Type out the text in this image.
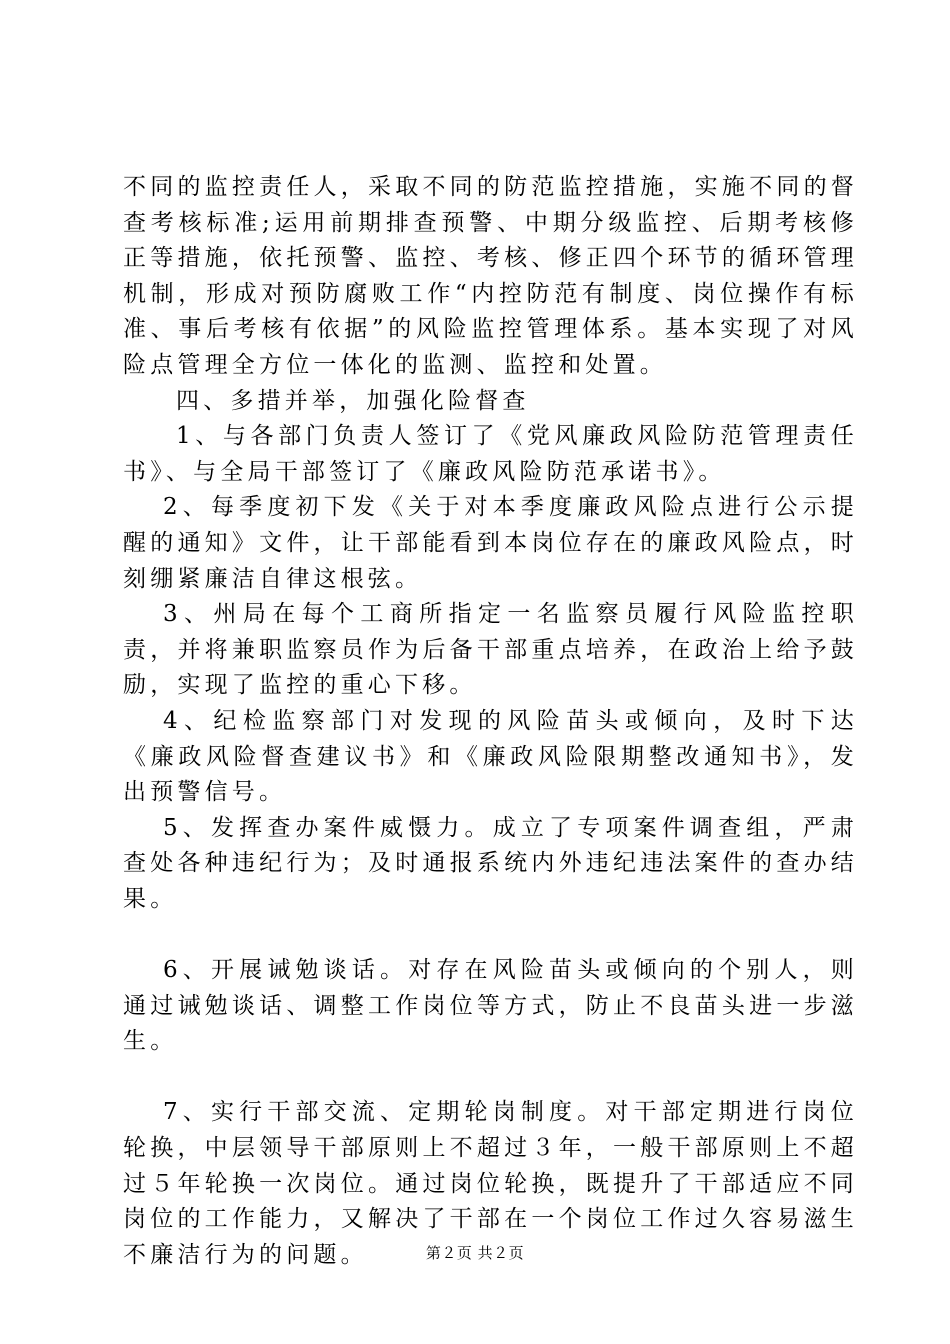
不同的监控责任人，采取不同的防范监控措施，实施不同的督查考核标准;运用前期排查预警、中期分级监控、后期考核修正等措施，依托预警、监控、考核、修正四个环节的循环管理机制，形成对预防腐败工作“内控防范有制度、岗位操作有标准、事后考核有依据”的风险监控管理体系。基本实现了对风险点管理全方位一体化的监测、监控和处置。

四、多措并举，加强化险督查

1、与各部门负责人签订了《党风廉政风险防范管理责任书》、与全局干部签订了《廉政风险防范承诺书》。

2、每季度初下发《关于对本季度廉政风险点进行公示提醒的通知》文件，让干部能看到本岗位存在的廉政风险点，时刻绷紧廉洁自律这根弦。

3、州局在每个工商所指定一名监察员履行风险监控职责，并将兼职监察员作为后备干部重点培养，在政治上给予鼓励，实现了监控的重心下移。

4、纪检监察部门对发现的风险苗头或倾向，及时下达《廉政风险督查建议书》和《廉政风险限期整改通知书》，发出预警信号。

5、发挥查办案件威慑力。成立了专项案件调查组，严肃查处各种违纪行为；及时通报系统内外违纪违法案件的查办结果。

6、开展诫勉谈话。对存在风险苗头或倾向的个别人，则通过诫勉谈话、调整工作岗位等方式，防止不良苗头进一步滋生。

7、实行干部交流、定期轮岗制度。对干部定期进行岗位轮换，中层领导干部原则上不超过３年，一般干部原则上不超过５年轮换一次岗位。通过岗位轮换，既提升了干部适应不同岗位的工作能力，又解决了干部在一个岗位工作过久容易滋生不廉洁行为的问题。	第２页 共２页
